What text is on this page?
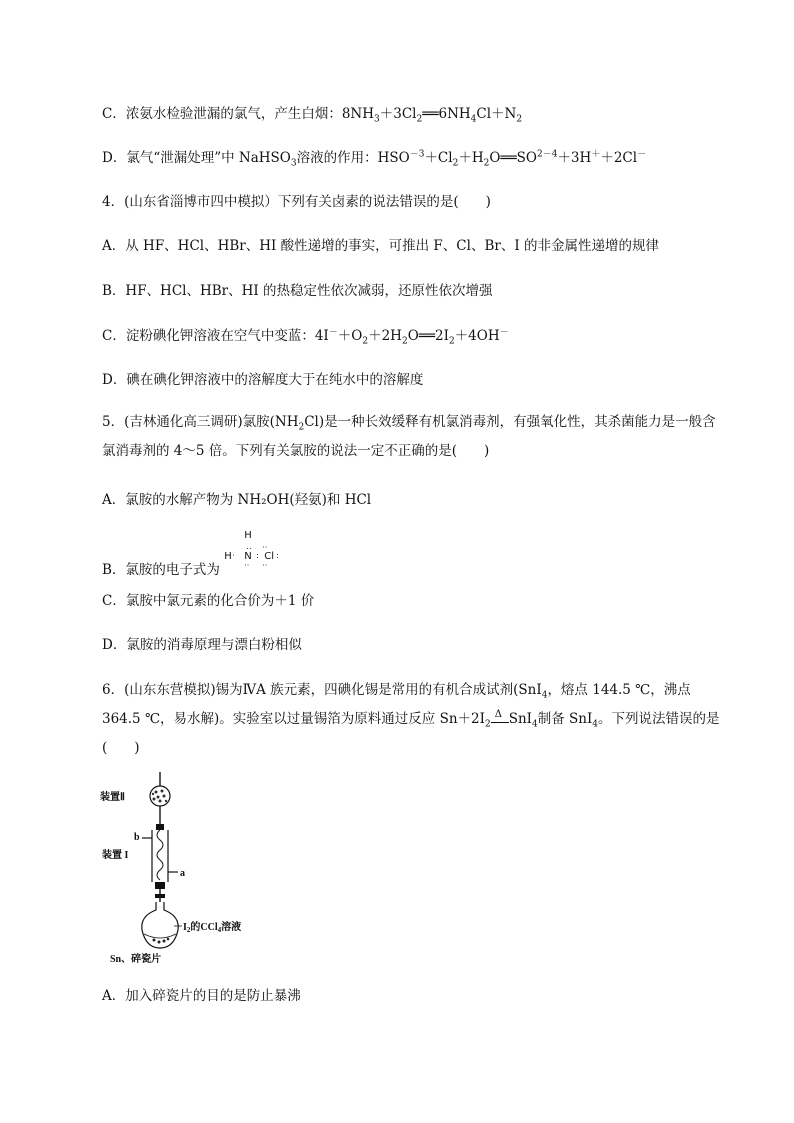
C．浓氨水检验泄漏的氯气，产生白烟：$8NH_3+3Cl_2══6NH_4Cl+N_2$
D．氯气“泄漏处理”中 NaHSO$_3$溶液的作用：$HSO^{-3}+Cl_2+H_2O══SO^{2-4}+3H^++2Cl^-$
4．(山东省淄博市四中模拟）下列有关卤素的说法错误的是(　　)
A．从 HF、HCl、HBr、HI 酸性递增的事实，可推出 F、Cl、Br、I 的非金属性递增的规律
B．HF、HCl、HBr、HI 的热稳定性依次减弱，还原性依次增强
C．淀粉碘化钾溶液在空气中变蓝：$4I^-+O_2+2H_2O══2I_2+4OH^-$
D．碘在碘化钾溶液中的溶解度大于在纯水中的溶解度
5．(吉林通化高三调研)氯胺$(NH_2Cl)$是一种长效缓释有机氯消毒剂，有强氧化性，其杀菌能力是一般含氯消毒剂的 4～5 倍。下列有关氯胺的说法一定不正确的是(　　)
A．氯胺的水解产物为 NH₂OH(羟氨)和 HCl
B．氯胺的电子式为
H
‥
H · N : Cl
··
·· ··
:
C．氯胺中氯元素的化合价为＋1 价
D．氯胺的消毒原理与漂白粉相似
6．(山东东营模拟)锡为ⅣA 族元素，四碘化锡是常用的有机合成试剂(SnI$_4$，熔点 144.5 ℃，沸点 364.5 ℃，易水解)。实验室以过量锡箔为原料通过反应 $Sn+2I_2$
Δ SnI$_4$制备 SnI$_4$。下列说法错误的是(　　)
装置Ⅱ
b
a
装置 I
$I_2$的CCl$_4$溶液
Sn、碎瓷片
A．加入碎瓷片的目的是防止暴沸
